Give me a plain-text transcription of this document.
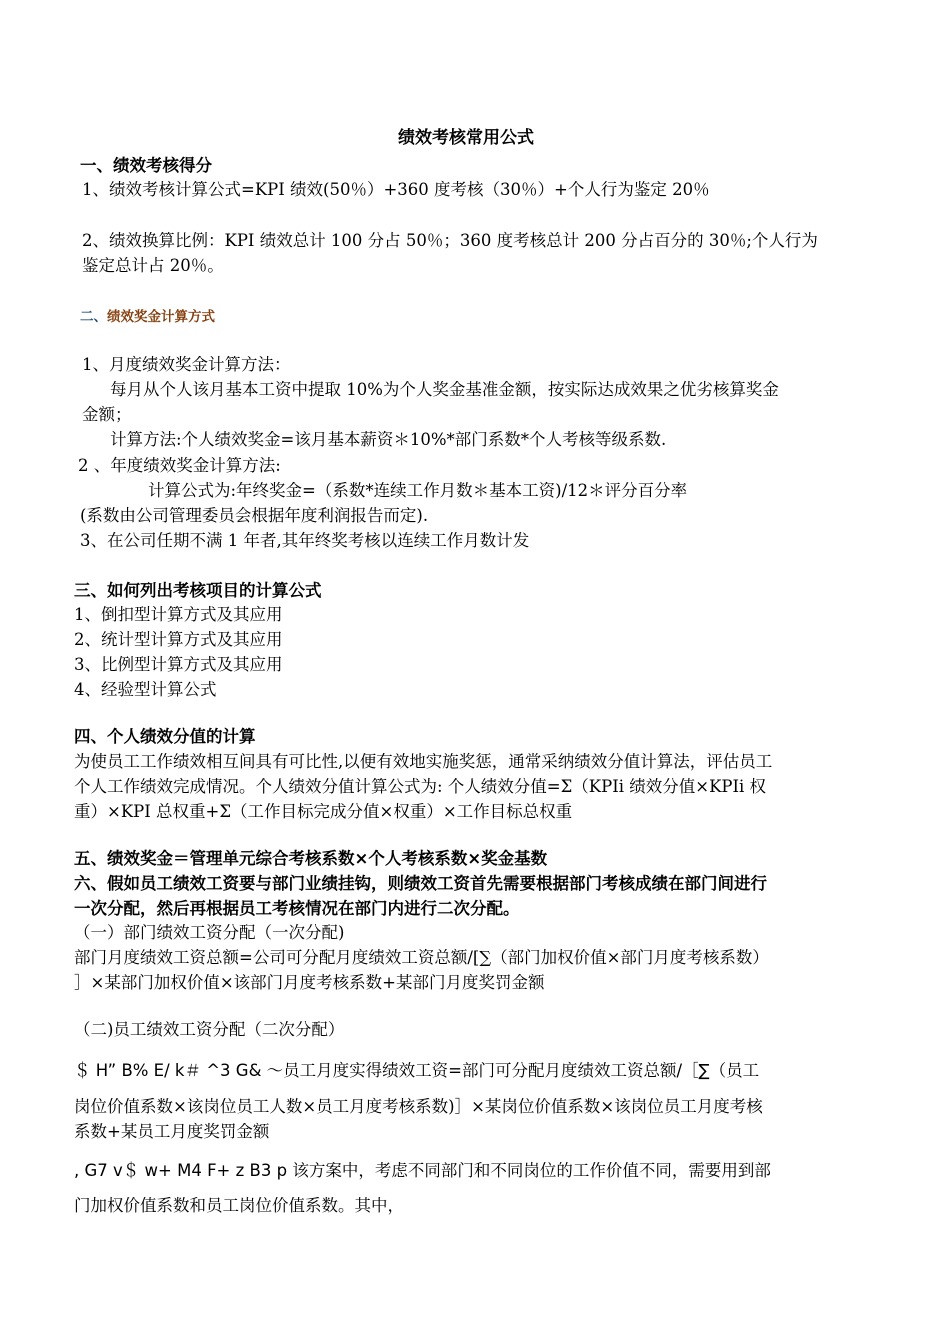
绩效考核常用公式
一、绩效考核得分
1、绩效考核计算公式=KPI 绩效(50％）+360 度考核（30％）+个人行为鉴定 20％
2、绩效换算比例：KPI 绩效总计 100 分占 50％；360 度考核总计 200 分占百分的 30％;个人行为
鉴定总计占 20％。
二、绩效奖金计算方式
1、月度绩效奖金计算方法：
每月从个人该月基本工资中提取 10%为个人奖金基准金额，按实际达成效果之优劣核算奖金
金额；
计算方法:个人绩效奖金=该月基本薪资＊10%*部门系数*个人考核等级系数.
2 、年度绩效奖金计算方法:
计算公式为:年终奖金=（系数*连续工作月数＊基本工资)/12＊评分百分率
(系数由公司管理委员会根据年度利润报告而定).
3、在公司任期不满 1 年者,其年终奖考核以连续工作月数计发
三、如何列出考核项目的计算公式
1、倒扣型计算方式及其应用
2、统计型计算方式及其应用
3、比例型计算方式及其应用
4、经验型计算公式
四、个人绩效分值的计算
为使员工工作绩效相互间具有可比性,以便有效地实施奖惩，通常采纳绩效分值计算法，评估员工
个人工作绩效完成情况。个人绩效分值计算公式为: 个人绩效分值=Σ（KPIi 绩效分值×KPIi 权
重）×KPI 总权重+Σ（工作目标完成分值×权重）×工作目标总权重
五、绩效奖金＝管理单元综合考核系数×个人考核系数×奖金基数
六、假如员工绩效工资要与部门业绩挂钩，则绩效工资首先需要根据部门考核成绩在部门间进行
一次分配，然后再根据员工考核情况在部门内进行二次分配。
（一）部门绩效工资分配（一次分配)
部门月度绩效工资总额=公司可分配月度绩效工资总额/[∑（部门加权价值×部门月度考核系数）
］×某部门加权价值×该部门月度考核系数+某部门月度奖罚金额
（二)员工绩效工资分配（二次分配）
＄ H” B% E/ k＃ ^3 G& ～员工月度实得绩效工资=部门可分配月度绩效工资总额/［∑（员工
岗位价值系数×该岗位员工人数×员工月度考核系数)］×某岗位价值系数×该岗位员工月度考核
系数+某员工月度奖罚金额
, G7 v＄ w+ M4 F+ z B3 p 该方案中，考虑不同部门和不同岗位的工作价值不同，需要用到部
门加权价值系数和员工岗位价值系数。其中，
